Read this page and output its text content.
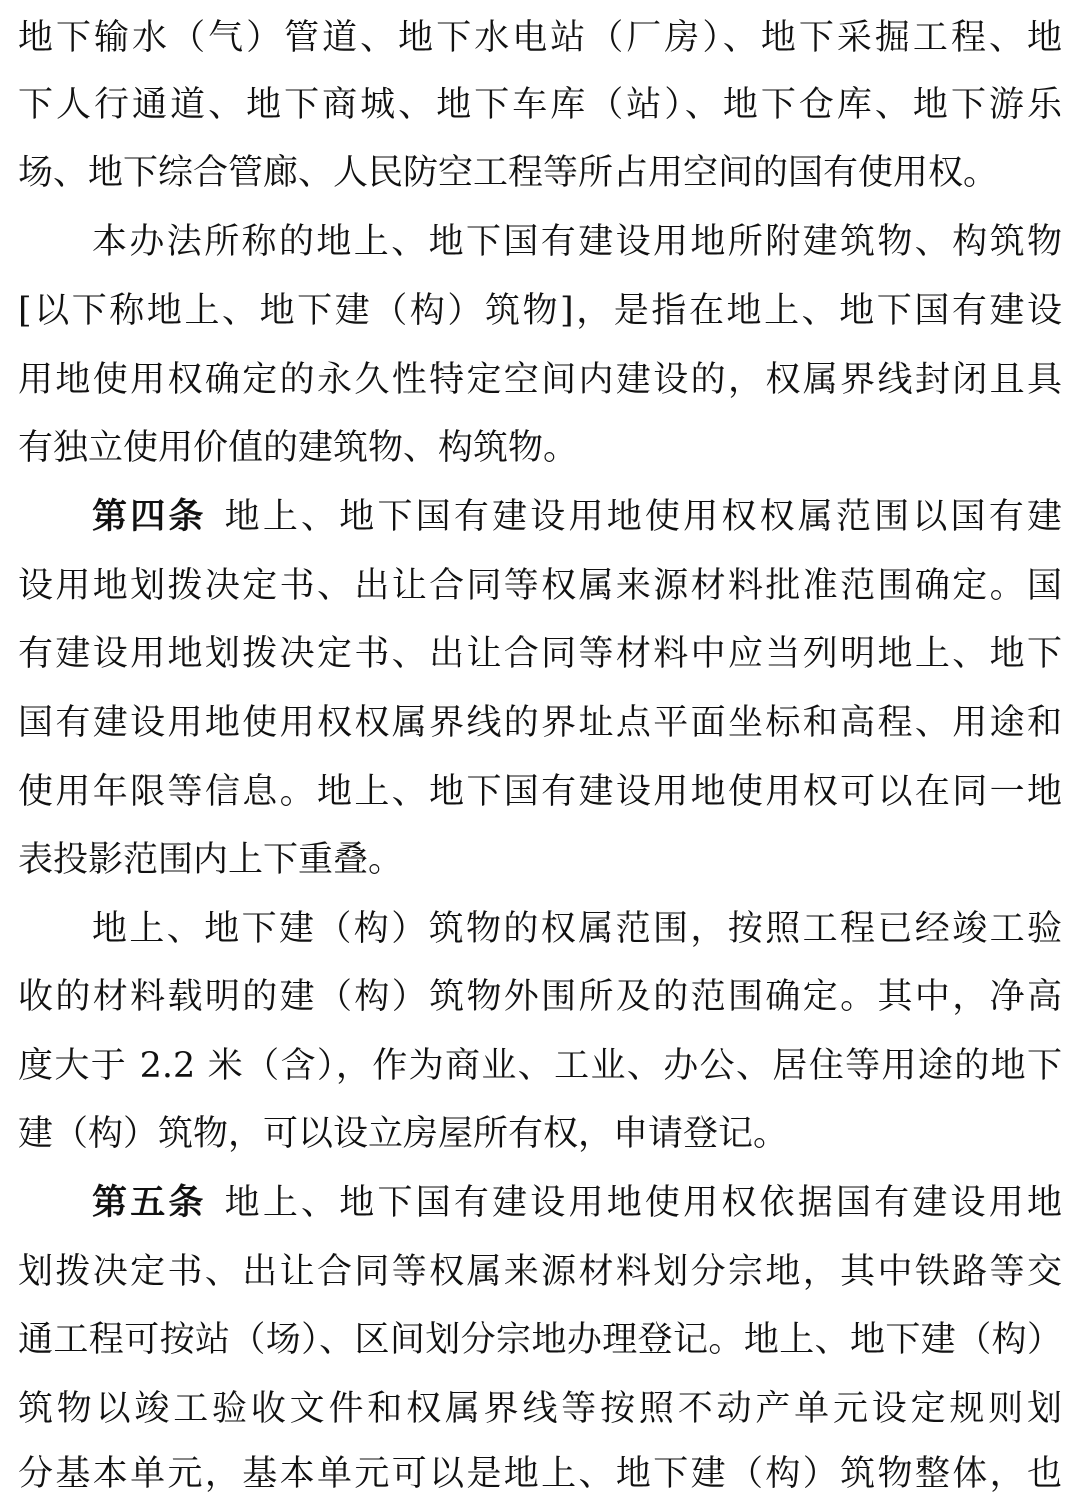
地下输水（气）管道、地下水电站（厂房）、地下采掘工程、地
下人行通道、地下商城、地下车库（站）、地下仓库、地下游乐
场、地下综合管廊、人民防空工程等所占用空间的国有使用权。
本办法所称的地上、地下国有建设用地所附建筑物、构筑物
[以下称地上、地下建（构）筑物]，是指在地上、地下国有建设
用地使用权确定的永久性特定空间内建设的，权属界线封闭且具
有独立使用价值的建筑物、构筑物。
第四条 地上、地下国有建设用地使用权权属范围以国有建
设用地划拨决定书、出让合同等权属来源材料批准范围确定。国
有建设用地划拨决定书、出让合同等材料中应当列明地上、地下
国有建设用地使用权权属界线的界址点平面坐标和高程、用途和
使用年限等信息。地上、地下国有建设用地使用权可以在同一地
表投影范围内上下重叠。
地上、地下建（构）筑物的权属范围，按照工程已经竣工验
收的材料载明的建（构）筑物外围所及的范围确定。其中，净高
度大于 2.2 米（含），作为商业、工业、办公、居住等用途的地下
建（构）筑物，可以设立房屋所有权，申请登记。
第五条 地上、地下国有建设用地使用权依据国有建设用地
划拨决定书、出让合同等权属来源材料划分宗地，其中铁路等交
通工程可按站（场）、区间划分宗地办理登记。地上、地下建（构）
筑物以竣工验收文件和权属界线等按照不动产单元设定规则划
分基本单元，基本单元可以是地上、地下建（构）筑物整体，也
